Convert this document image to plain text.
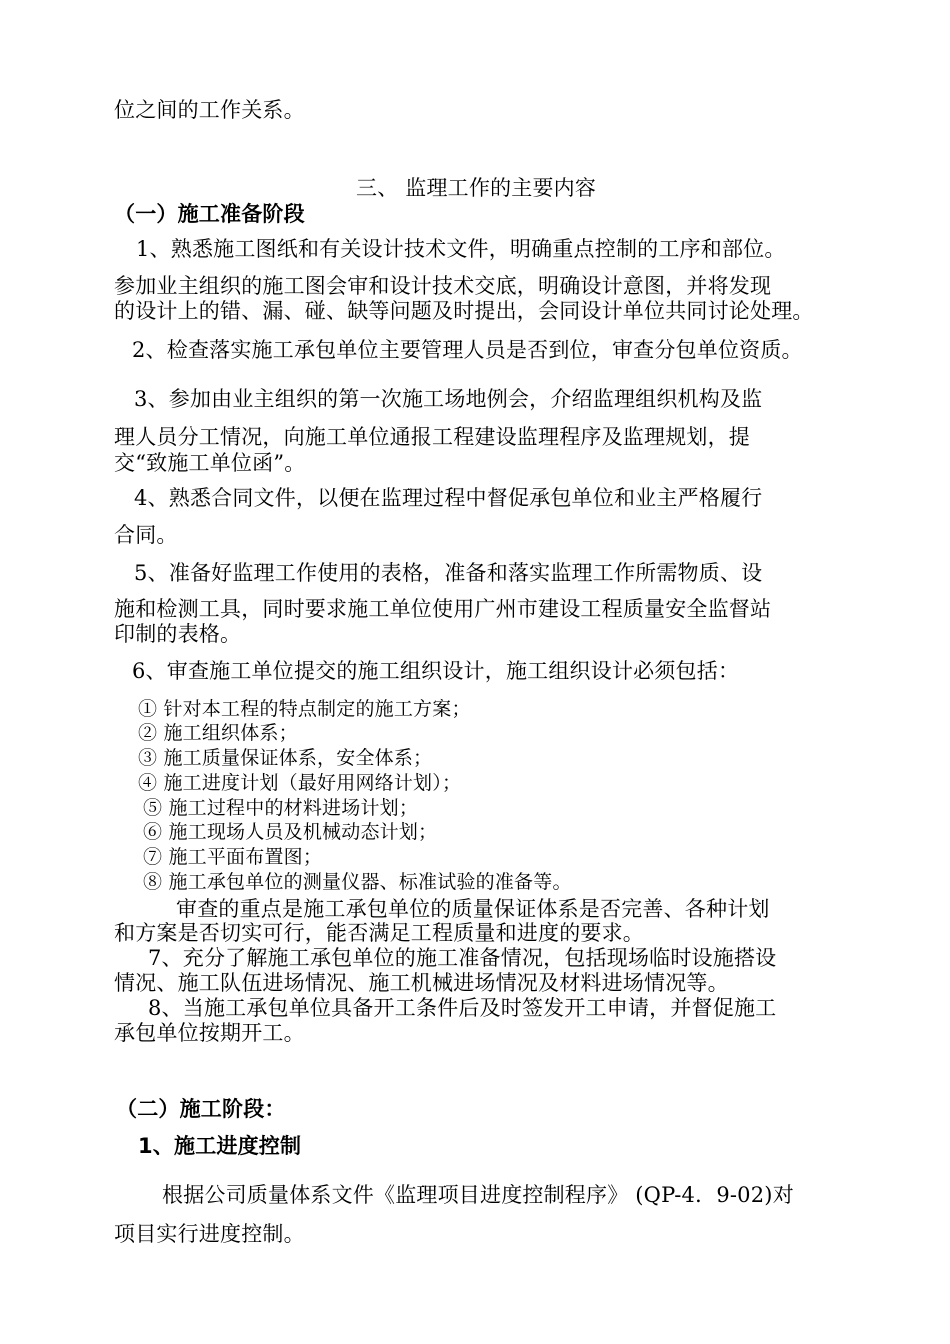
位之间的工作关系。
三、 监理工作的主要内容
（一）施工准备阶段
1、熟悉施工图纸和有关设计技术文件，明确重点控制的工序和部位。
参加业主组织的施工图会审和设计技术交底，明确设计意图，并将发现
的设计上的错、漏、碰、缺等问题及时提出，会同设计单位共同讨论处理。
2、检查落实施工承包单位主要管理人员是否到位，审查分包单位资质。
3、参加由业主组织的第一次施工场地例会，介绍监理组织机构及监
理人员分工情况，向施工单位通报工程建设监理程序及监理规划，提
交“致施工单位函”。
4、熟悉合同文件，以便在监理过程中督促承包单位和业主严格履行
合同。
5、准备好监理工作使用的表格，准备和落实监理工作所需物质、设
施和检测工具，同时要求施工单位使用广州市建设工程质量安全监督站
印制的表格。
6、审查施工单位提交的施工组织设计，施工组织设计必须包括：
① 针对本工程的特点制定的施工方案；
② 施工组织体系；
③ 施工质量保证体系，安全体系；
④ 施工进度计划（最好用网络计划）；
⑤ 施工过程中的材料进场计划；
⑥ 施工现场人员及机械动态计划；
⑦ 施工平面布置图；
⑧ 施工承包单位的测量仪器、标准试验的准备等。
审查的重点是施工承包单位的质量保证体系是否完善、各种计划
和方案是否切实可行，能否满足工程质量和进度的要求。
7、充分了解施工承包单位的施工准备情况，包括现场临时设施搭设
情况、施工队伍进场情况、施工机械进场情况及材料进场情况等。
8、当施工承包单位具备开工条件后及时签发开工申请，并督促施工
承包单位按期开工。
（二）施工阶段：
1、施工进度控制
根据公司质量体系文件《监理项目进度控制程序》 (QP-4．9-02)对
项目实行进度控制。
